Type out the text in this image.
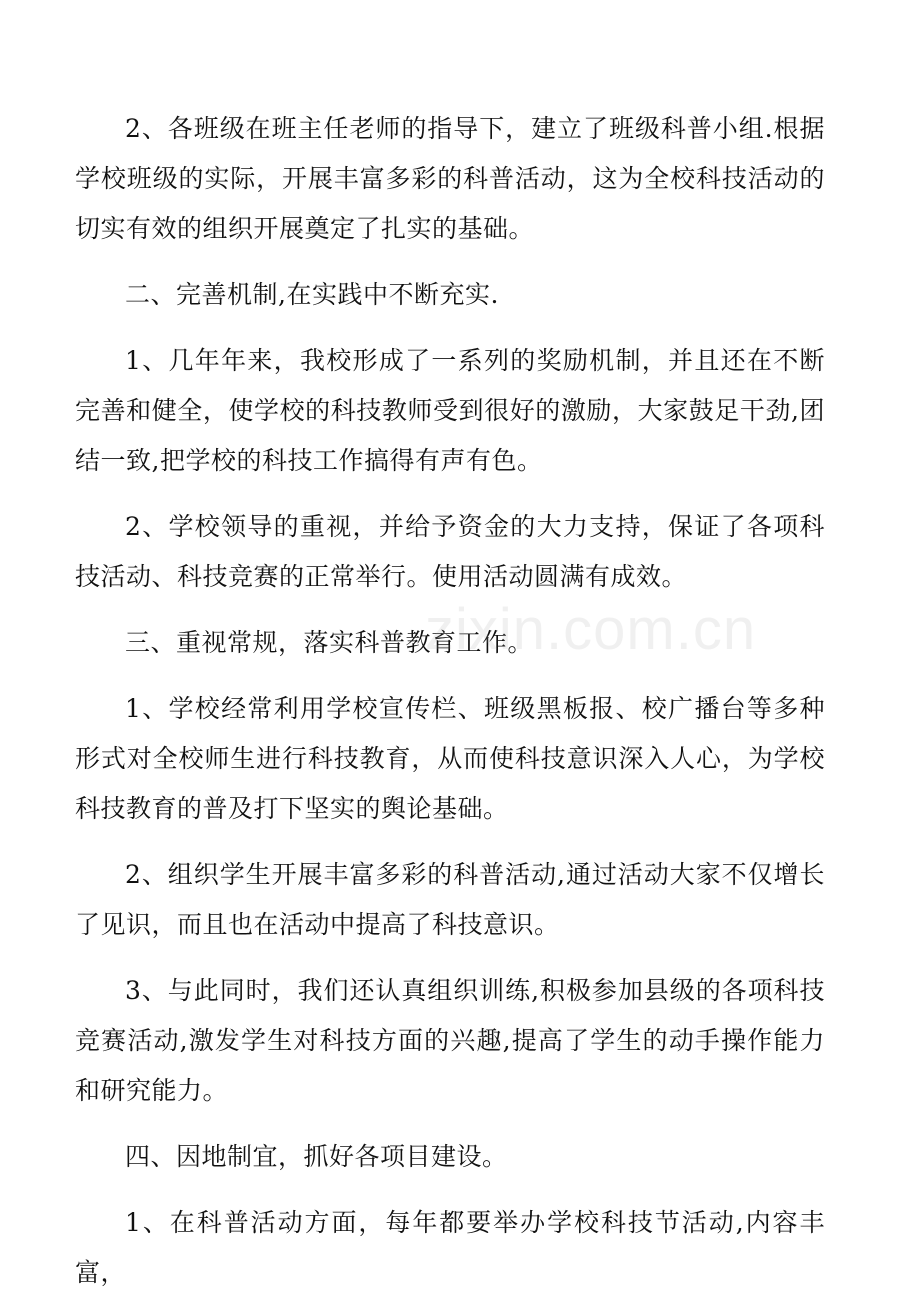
2、各班级在班主任老师的指导下，建立了班级科普小组.根据学校班级的实际，开展丰富多彩的科普活动，这为全校科技活动的切实有效的组织开展奠定了扎实的基础。

二、完善机制,在实践中不断充实.

1、几年年来，我校形成了一系列的奖励机制，并且还在不断完善和健全，使学校的科技教师受到很好的激励，大家鼓足干劲,团结一致,把学校的科技工作搞得有声有色。

2、学校领导的重视，并给予资金的大力支持，保证了各项科技活动、科技竞赛的正常举行。使用活动圆满有成效。

三、重视常规，落实科普教育工作。

1、学校经常利用学校宣传栏、班级黑板报、校广播台等多种形式对全校师生进行科技教育，从而使科技意识深入人心，为学校科技教育的普及打下坚实的舆论基础。

2、组织学生开展丰富多彩的科普活动,通过活动大家不仅增长了见识，而且也在活动中提高了科技意识。

3、与此同时，我们还认真组织训练,积极参加县级的各项科技竞赛活动,激发学生对科技方面的兴趣,提高了学生的动手操作能力和研究能力。

四、因地制宜，抓好各项目建设。

1、在科普活动方面，每年都要举办学校科技节活动,内容丰富，

zixin.com.cn
